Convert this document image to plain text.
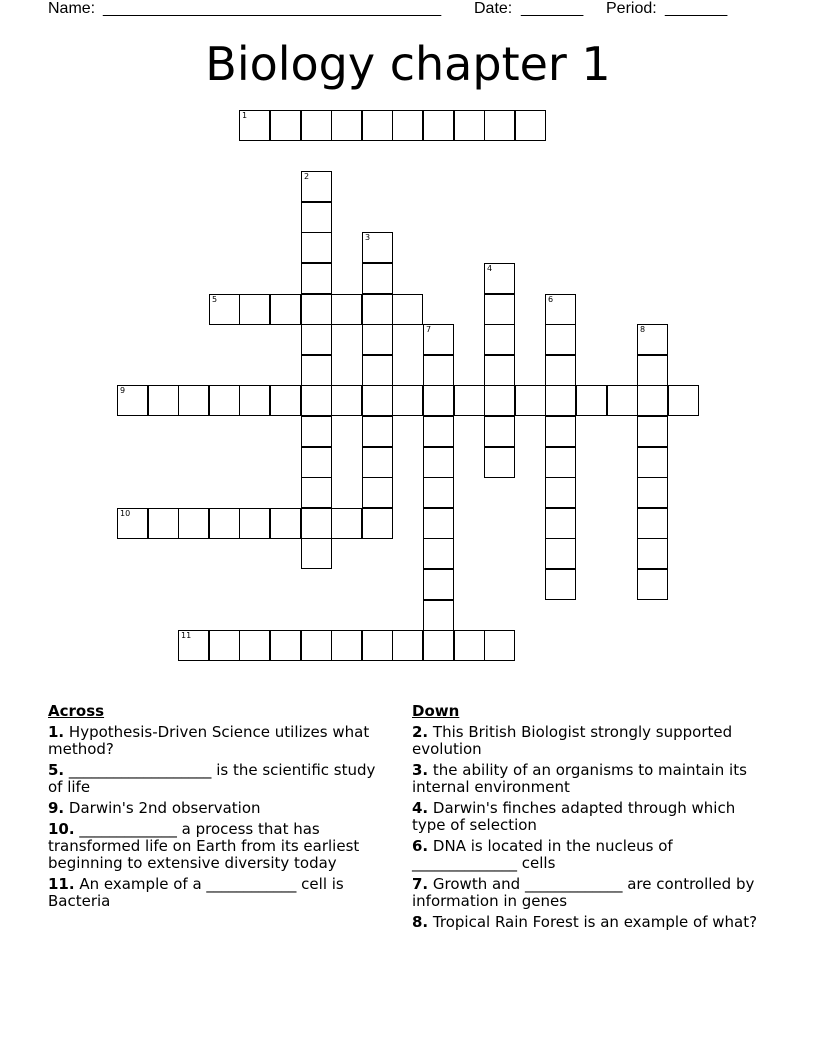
Name: ______________________________________ Date: _______ Period: _______
Biology chapter 1
1
2
3
4
5	6
7	8
9
10
11
Across
1. Hypothesis-Driven Science utilizes what method?
5. ___________________ is the scientific study of life
9. Darwin's 2nd observation
10. _____________ a process that has transformed life on Earth from its earliest beginning to extensive diversity today
11. An example of a ____________ cell is Bacteria
Down
2. This British Biologist strongly supported evolution
3. the ability of an organisms to maintain its internal environment
4. Darwin's finches adapted through which type of selection
6. DNA is located in the nucleus of ______________ cells
7. Growth and _____________ are controlled by information in genes
8. Tropical Rain Forest is an example of what?
